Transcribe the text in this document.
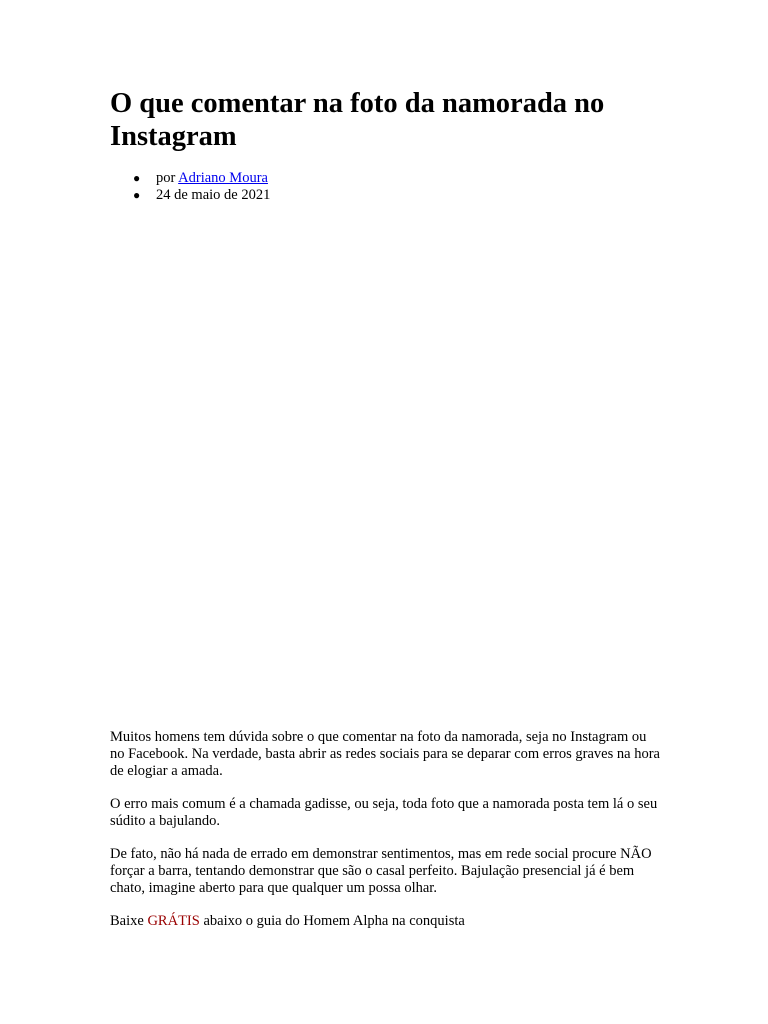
O que comentar na foto da namorada no Instagram
● por Adriano Moura
● 24 de maio de 2021

Muitos homens tem dúvida sobre o que comentar na foto da namorada, seja no Instagram ou no Facebook. Na verdade, basta abrir as redes sociais para se deparar com erros graves na hora de elogiar a amada.

O erro mais comum é a chamada gadisse, ou seja, toda foto que a namorada posta tem lá o seu súdito a bajulando.

De fato, não há nada de errado em demonstrar sentimentos, mas em rede social procure NÃO forçar a barra, tentando demonstrar que são o casal perfeito. Bajulação presencial já é bem chato, imagine aberto para que qualquer um possa olhar.

Baixe GRÁTIS abaixo o guia do Homem Alpha na conquista
